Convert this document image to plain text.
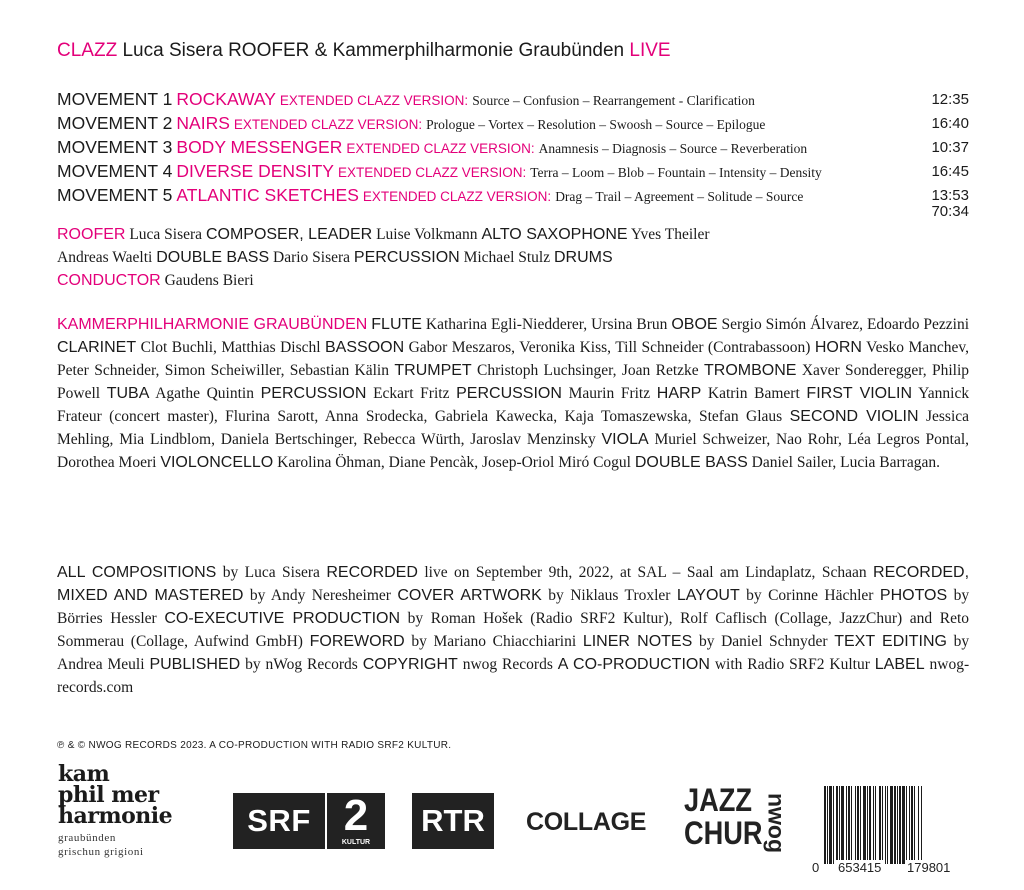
CLAZZ Luca Sisera ROOFER & Kammerphilharmonie Graubünden LIVE
MOVEMENT 1 ROCKAWAY EXTENDED CLAZZ VERSION: Source – Confusion – Rearrangement - Clarification	12:35
MOVEMENT 2 NAIRS EXTENDED CLAZZ VERSION: Prologue – Vortex – Resolution – Swoosh – Source – Epilogue	16:40
MOVEMENT 3 BODY MESSENGER EXTENDED CLAZZ VERSION: Anamnesis – Diagnosis – Source – Reverberation	10:37
MOVEMENT 4 DIVERSE DENSITY EXTENDED CLAZZ VERSION: Terra – Loom – Blob – Fountain – Intensity – Density	16:45
MOVEMENT 5 ATLANTIC SKETCHES EXTENDED CLAZZ VERSION: Drag – Trail – Agreement – Solitude – Source	13:53
70:34
ROOFER Luca Sisera COMPOSER, LEADER Luise Volkmann ALTO SAXOPHONE Yves Theiler
Andreas Waelti DOUBLE BASS Dario Sisera PERCUSSION Michael Stulz DRUMS
CONDUCTOR Gaudens Bieri
KAMMERPHILHARMONIE GRAUBÜNDEN FLUTE Katharina Egli-Niedderer, Ursina Brun OBOE Sergio Simón Álvarez, Edoardo Pezzini CLARINET Clot Buchli, Matthias Dischl BASSOON Gabor Meszaros, Veronika Kiss, Till Schneider (Contrabassoon) HORN Vesko Manchev, Peter Schneider, Simon Scheiwiller, Sebastian Kälin TRUMPET Christoph Luchsinger, Joan Retzke TROMBONE Xaver Sonderegger, Philip Powell TUBA Agathe Quintin PERCUSSION Eckart Fritz PERCUSSION Maurin Fritz HARP Katrin Bamert FIRST VIOLIN Yannick Frateur (concert master), Flurina Sarott, Anna Srodecka, Gabriela Kawecka, Kaja Tomaszewska, Stefan Glaus SECOND VIOLIN Jessica Mehling, Mia Lindblom, Daniela Bertschinger, Rebecca Würth, Jaroslav Menzinsky VIOLA Muriel Schweizer, Nao Rohr, Léa Legros Pontal, Dorothea Moeri VIOLONCELLO Karolina Öhman, Diane Pencàk, Josep-Oriol Miró Cogul DOUBLE BASS Daniel Sailer, Lucia Barragan.
ALL COMPOSITIONS by Luca Sisera RECORDED live on September 9th, 2022, at SAL – Saal am Lindaplatz, Schaan RECORDED, MIXED AND MASTERED by Andy Neresheimer COVER ARTWORK by Niklaus Troxler LAYOUT by Corinne Hächler PHOTOS by Börries Hessler CO-EXECUTIVE PRODUCTION by Roman Hošek (Radio SRF2 Kultur), Rolf Caflisch (Collage, JazzChur) and Reto Sommerau (Collage, Aufwind GmbH) FOREWORD by Mariano Chiacchiarini LINER NOTES by Daniel Schnyder TEXT EDITING by Andrea Meuli PUBLISHED by nWog Records COPYRIGHT nwog Records A CO-PRODUCTION with Radio SRF2 Kultur LABEL nwog-records.com
℗ & © NWOG RECORDS 2023. A CO-PRODUCTION WITH RADIO SRF2 KULTUR.
kam
phil mer
harmonie
graubünden
grischun grigioni
SRF 2
KULTUR
RTR	COLLAGE
JAZZ
CHUR nwog
0 653415 179801
